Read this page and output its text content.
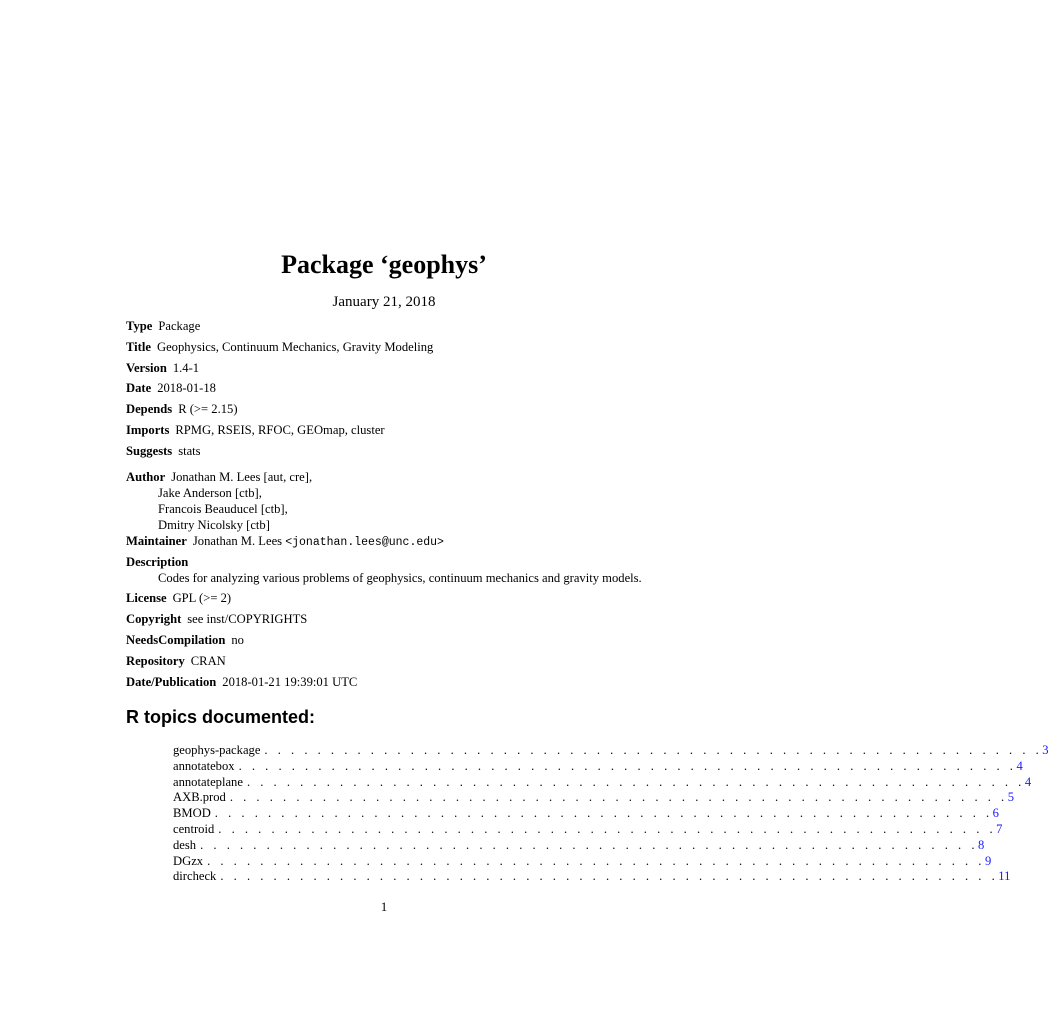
Package ‘geophys’
January 21, 2018
Type Package
Title Geophysics, Continuum Mechanics, Gravity Modeling
Version 1.4-1
Date 2018-01-18
Depends R (>= 2.15)
Imports RPMG, RSEIS, RFOC, GEOmap, cluster
Suggests stats
Author Jonathan M. Lees [aut, cre],
Jake Anderson [ctb],
Francois Beauducel [ctb],
Dmitry Nicolsky [ctb]
Maintainer Jonathan M. Lees <jonathan.lees@unc.edu>
Description
Codes for analyzing various problems of geophysics, continuum mechanics and gravity models.
License GPL (>= 2)
Copyright see inst/COPYRIGHTS
NeedsCompilation no
Repository CRAN
Date/Publication 2018-01-21 19:39:01 UTC
R topics documented:
geophys-package . . . . . . . . . . . . . . . . . . . . . . . . . . . . . . . . . . . . . . . . . . . . . . . . . . . . . . . . . . . 3
annotatebox . . . . . . . . . . . . . . . . . . . . . . . . . . . . . . . . . . . . . . . . . . . . . . . . . . . . . . . . . . . 4
annotateplane . . . . . . . . . . . . . . . . . . . . . . . . . . . . . . . . . . . . . . . . . . . . . . . . . . . . . . . . . . . 4
AXB.prod . . . . . . . . . . . . . . . . . . . . . . . . . . . . . . . . . . . . . . . . . . . . . . . . . . . . . . . . . . . 5
BMOD . . . . . . . . . . . . . . . . . . . . . . . . . . . . . . . . . . . . . . . . . . . . . . . . . . . . . . . . . . . 6
centroid . . . . . . . . . . . . . . . . . . . . . . . . . . . . . . . . . . . . . . . . . . . . . . . . . . . . . . . . . . . 7
desh . . . . . . . . . . . . . . . . . . . . . . . . . . . . . . . . . . . . . . . . . . . . . . . . . . . . . . . . . . . 8
DGzx . . . . . . . . . . . . . . . . . . . . . . . . . . . . . . . . . . . . . . . . . . . . . . . . . . . . . . . . . . . 9
dircheck . . . . . . . . . . . . . . . . . . . . . . . . . . . . . . . . . . . . . . . . . . . . . . . . . . . . . . . . . . . 11
1
